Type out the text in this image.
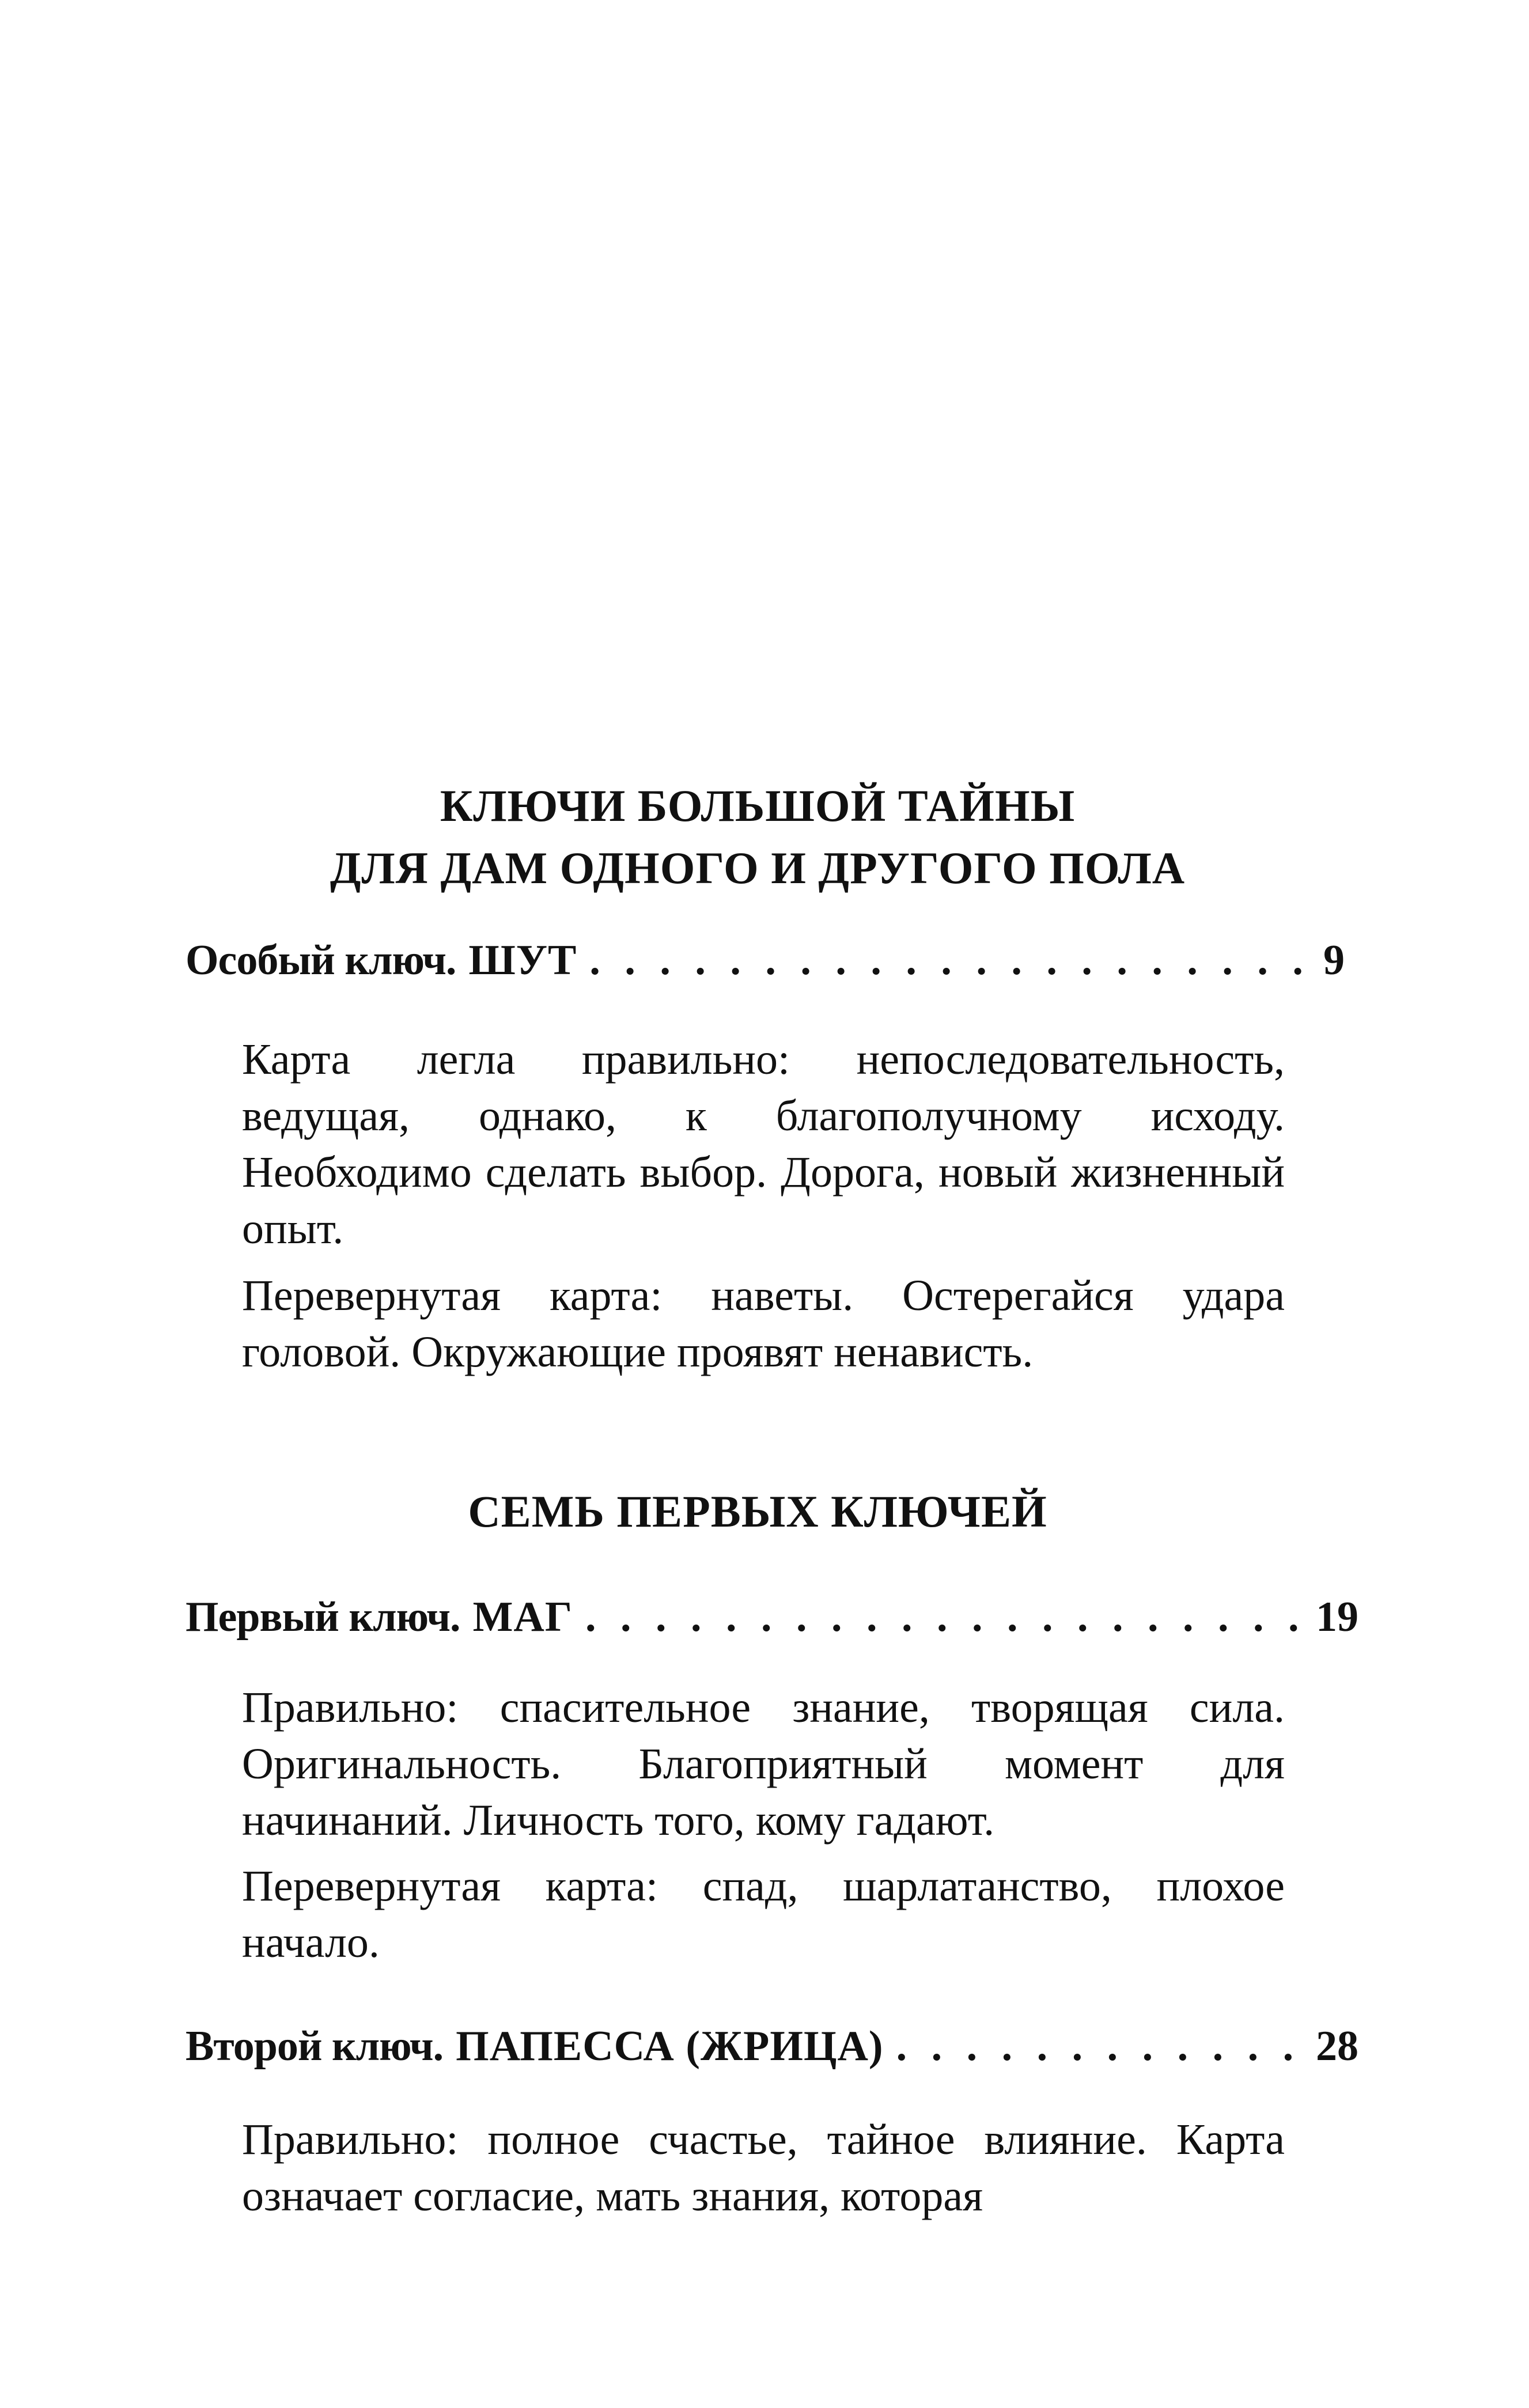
КЛЮЧИ БОЛЬШОЙ ТАЙНЫ
ДЛЯ ДАМ ОДНОГО И ДРУГОГО ПОЛА
Особый ключ. ШУТ . . .	9

Карта легла правильно: непоследовательность, ведущая, однако, к благополучному исходу. Необходимо сделать выбор. Дорога, новый жизненный опыт.

Перевернутая карта: наветы. Остерегайся удара головой. Окружающие проявят ненависть.

СЕМЬ ПЕРВЫХ КЛЮЧЕЙ
Первый ключ. МАГ . . .	19

Правильно: спасительное знание, творящая сила. Оригинальность. Благоприятный момент для начинаний. Личность того, кому гадают.

Перевернутая карта: спад, шарлатанство, плохое начало.

Второй ключ. ПАПЕССА (ЖРИЦА) . . .	28

Правильно: полное счастье, тайное влияние. Карта означает согласие, мать знания, которая
